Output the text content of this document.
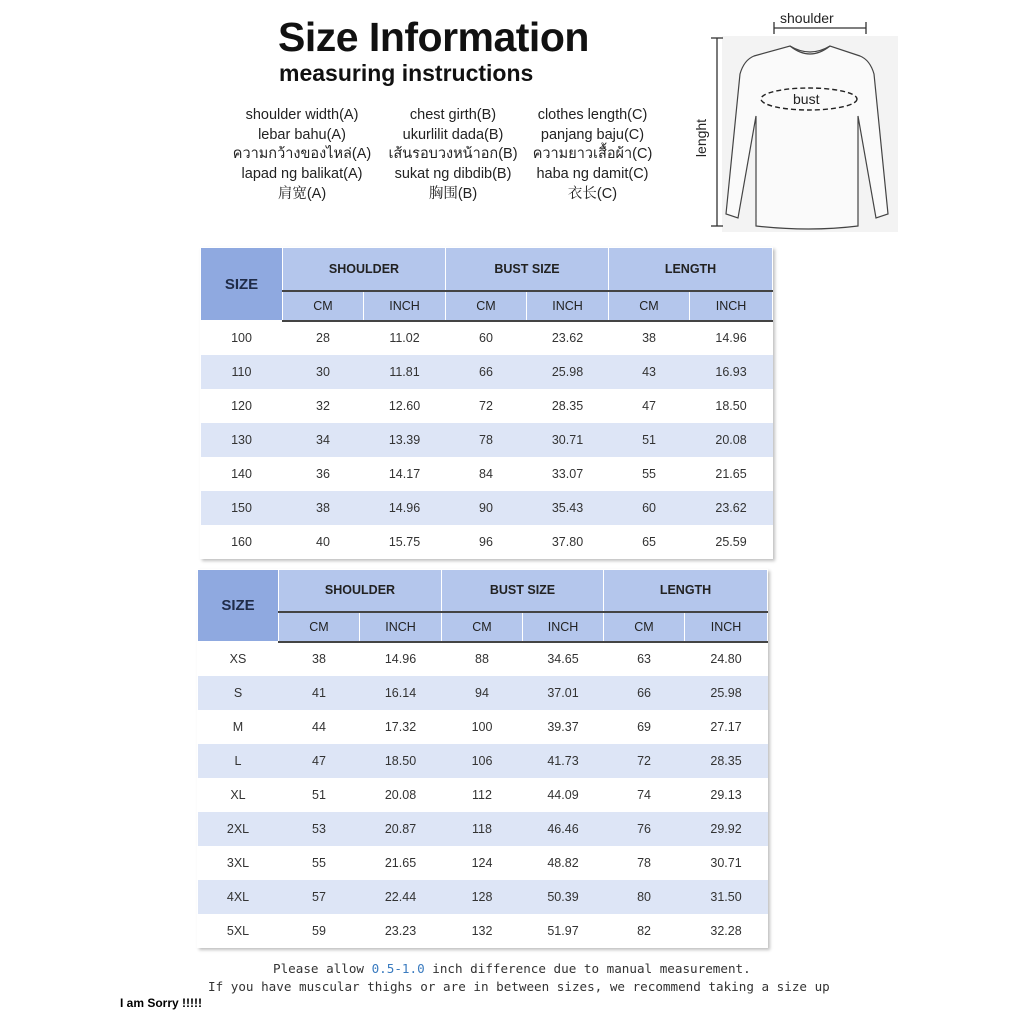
Size Information
measuring instructions
shoulder width(A)
lebar bahu(A)
ความกว้างของไหล่(A)
lapad ng balikat(A)
肩宽(A)
chest girth(B)
ukurlilit dada(B)
เส้นรอบวงหน้าอก(B)
sukat ng dibdib(B)
胸围(B)
clothes length(C)
panjang baju(C)
ความยาวเสื้อผ้า(C)
haba ng damit(C)
衣长(C)
shoulder
bust
lenght
SIZE	SHOULDER		BUST SIZE		LENGTH	
	CM	INCH	CM	INCH	CM	INCH
100	28	11.02	60	23.62	38	14.96
110	30	11.81	66	25.98	43	16.93
120	32	12.60	72	28.35	47	18.50
130	34	13.39	78	30.71	51	20.08
140	36	14.17	84	33.07	55	21.65
150	38	14.96	90	35.43	60	23.62
160	40	15.75	96	37.80	65	25.59
SIZE	SHOULDER		BUST SIZE		LENGTH	
	CM	INCH	CM	INCH	CM	INCH
XS	38	14.96	88	34.65	63	24.80
S	41	16.14	94	37.01	66	25.98
M	44	17.32	100	39.37	69	27.17
L	47	18.50	106	41.73	72	28.35
XL	51	20.08	112	44.09	74	29.13
2XL	53	20.87	118	46.46	76	29.92
3XL	55	21.65	124	48.82	78	30.71
4XL	57	22.44	128	50.39	80	31.50
5XL	59	23.23	132	51.97	82	32.28

Please allow 0.5-1.0 inch difference due to manual measurement.

If you have muscular thighs or are in between sizes, we recommend taking a size up

I am Sorry !!!!!
